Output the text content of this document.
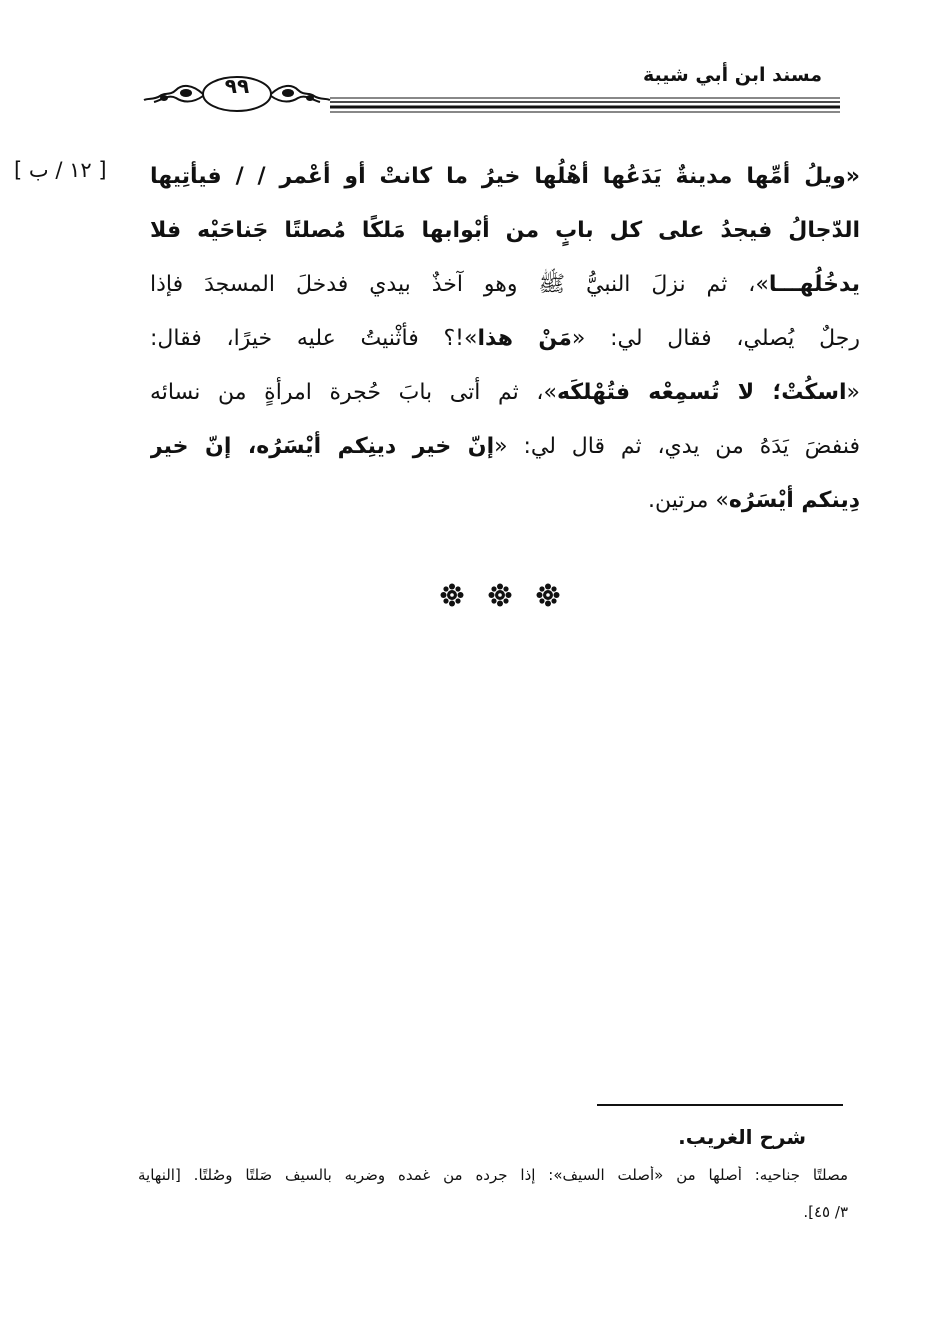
مسند ابن أبي شيبة
٩٩
[ ١٢ / ب ] «ويلُ أمِّها مدينةٌ يَدَعُها أهْلُها خيرُ ما كانتْ أو أعْمر / / فيأتِيها
الدّجالُ فيجدُ على كل بابٍ من أبْوابها مَلكًا مُصلتًا جَناحَيْه فلا
يدخُلُهـــا»، ثم نزلَ النبيُّ ﷺ وهو آخذٌ بيدي فدخلَ المسجدَ فإذا
رجلٌ يُصلي، فقال لي: «مَنْ هذا»!؟ فأثْنيتُ عليه خيرًا، فقال:
«اسكُتْ؛ لا تُسمِعْه فتُهْلكَه»، ثم أتى بابَ حُجرة امرأةٍ من نسائه
فنفضَ يَدَهُ من يدي، ثم قال لي: «إنّ خير دينِكم أيْسَرُه، إنّ خير
دِينكم أيْسَرُه» مرتين.
شرح الغريب.
مصلتًا جناحيه: أصلها من «أصلت السيف»: إذا جرده من غمده وضربه بالسيف صَلتًا وصُلتًا. [النهاية
٣/ ٤٥].
